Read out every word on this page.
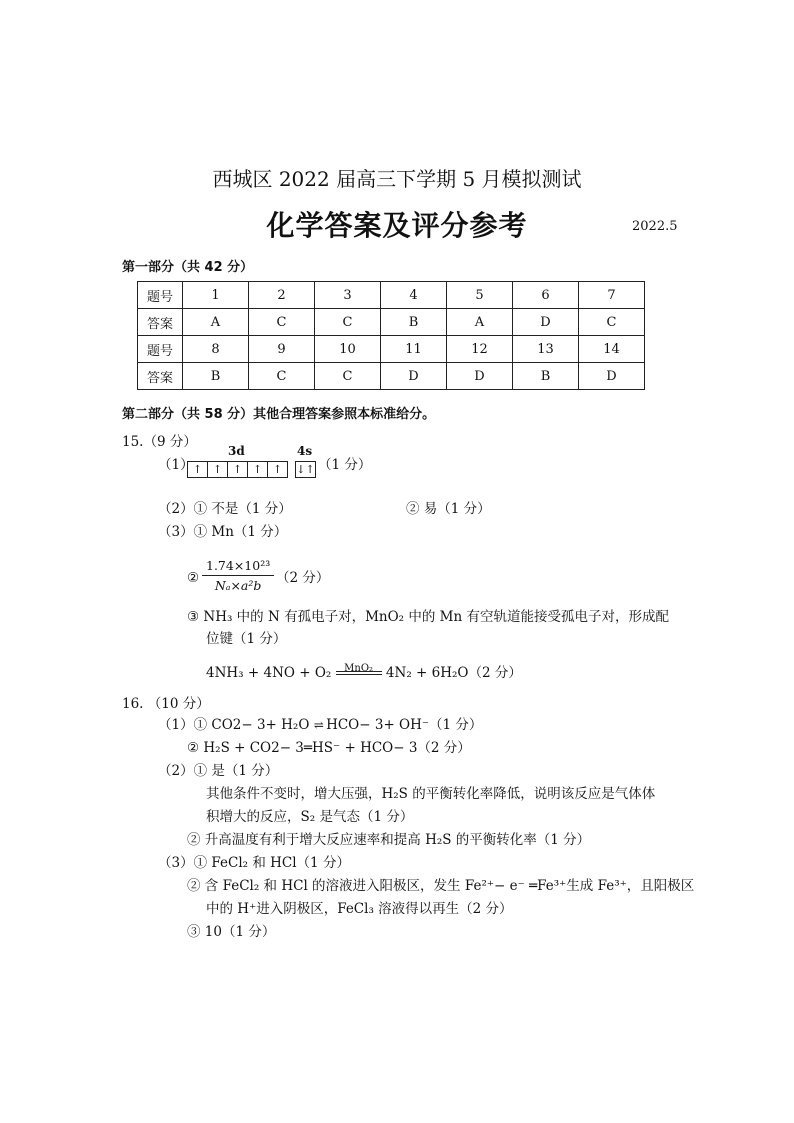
西城区 2022 届高三下学期 5 月模拟测试
化学答案及评分参考	2022.5
第一部分（共 42 分）
题号	1	2	3	4	5	6	7
答案	A	C	C	B	A	D	C
题号	8	9	10	11	12	13	14
答案	B	C	C	D	D	B	D
第二部分（共 58 分）其他合理答案参照本标准给分。
15.（9 分）
（1）
3d	4s
↑ ↑ ↑ ↑ ↑	↓↑ （1 分）
（2）① 不是（1 分）	② 易（1 分）
（3）① Mn（1 分）
② $\frac{\text{1.74×10²³}}{\text{Nₐ×a²b}} (2$ 分）
③ NH₃ 中的 N 有孤电子对，MnO₂ 中的 Mn 有空轨道能接受孤电子对，形成配
位键（1 分）
4NH₃ + 4NO + O₂	MnO₂ 4N₂ + 6H₂O（2 分）
16. （10 分）
（1）① CO2− 3+ H₂O ⇌ HCO− 3+ OH⁻（1 分）
② H₂S + CO2− 3═HS⁻ + HCO− 3（2 分）
（2）① 是（1 分）
其他条件不变时，增大压强，H₂S 的平衡转化率降低，说明该反应是气体体
积增大的反应，S₂ 是气态（1 分）
② 升高温度有利于增大反应速率和提高 H₂S 的平衡转化率（1 分）
（3）① FeCl₂ 和 HCl（1 分）
② 含 FeCl₂ 和 HCl 的溶液进入阳极区，发生 Fe²⁺− e⁻ ═Fe³⁺生成 Fe³⁺，且阳极区
中的 H⁺进入阴极区，FeCl₃ 溶液得以再生（2 分）
③ 10（1 分）
